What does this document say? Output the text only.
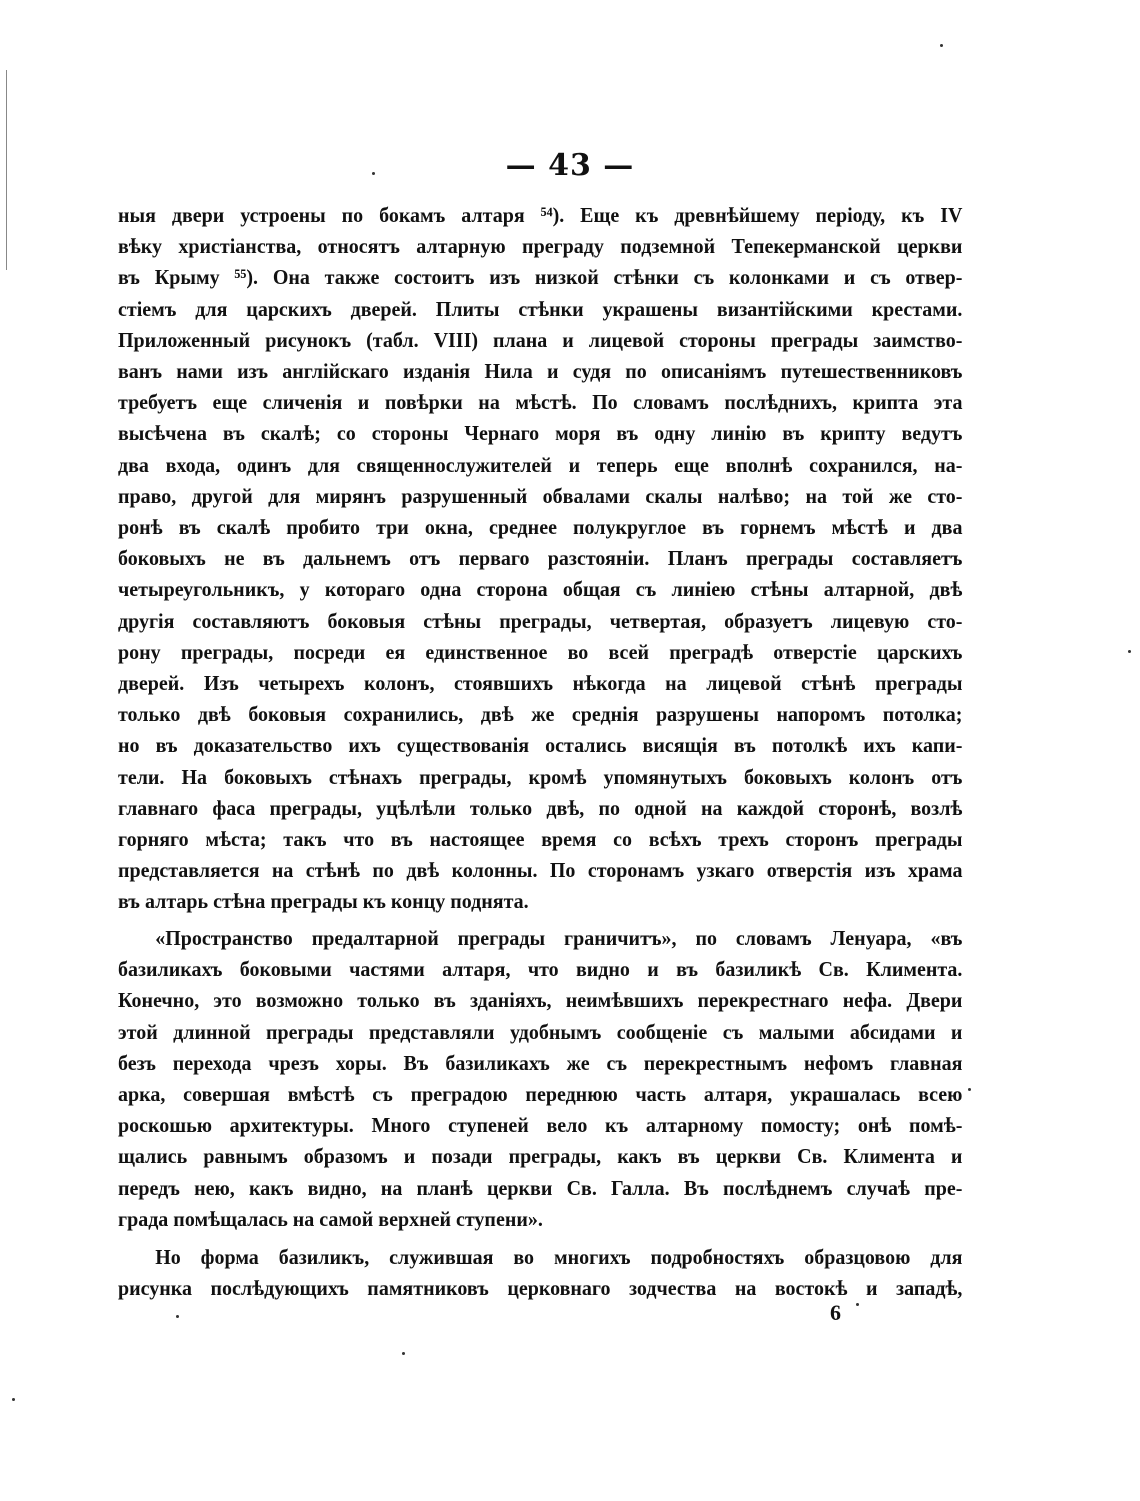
— 43 —
ныя двери устроены по бокамъ алтаря ⁵⁴). Еще къ древнѣйшему періоду, къ IV
вѣку христіанства, относятъ алтарную преграду подземной Тепекерманской церкви
въ Крыму ⁵⁵). Она также состоитъ изъ низкой стѣнки съ колонками и съ отвер-
стіемъ для царскихъ дверей. Плиты стѣнки украшены византійскими крестами.
Приложенный рисунокъ (табл. VIII) плана и лицевой стороны преграды заимство-
ванъ нами изъ англійскаго изданія Нила и судя по описаніямъ путешественниковъ
требуетъ еще сличенія и повѣрки на мѣстѣ. По словамъ послѣднихъ, крипта эта
высѣчена въ скалѣ; со стороны Чернаго моря въ одну линію въ крипту ведутъ
два входа, одинъ для священнослужителей и теперь еще вполнѣ сохранился, на-
право, другой для мирянъ разрушенный обвалами скалы налѣво; на той же сто-
ронѣ въ скалѣ пробито три окна, среднее полукруглое въ горнемъ мѣстѣ и два
боковыхъ не въ дальнемъ отъ перваго разстояніи. Планъ преграды составляетъ
четыреугольникъ, у котораго одна сторона общая съ линіею стѣны алтарной, двѣ
другія составляютъ боковыя стѣны преграды, четвертая, образуетъ лицевую сто-
рону преграды, посреди ея единственное во всей преградѣ отверстіе царскихъ
дверей. Изъ четырехъ колонъ, стоявшихъ нѣкогда на лицевой стѣнѣ преграды
только двѣ боковыя сохранились, двѣ же среднія разрушены напоромъ потолка;
но въ доказательство ихъ существованія остались висящія въ потолкѣ ихъ капи-
тели. На боковыхъ стѣнахъ преграды, кромѣ упомянутыхъ боковыхъ колонъ отъ
главнаго фаса преграды, уцѣлѣли только двѣ, по одной на каждой сторонѣ, возлѣ
горняго мѣста; такъ что въ настоящее время со всѣхъ трехъ сторонъ преграды
представляется на стѣнѣ по двѣ колонны. По сторонамъ узкаго отверстія изъ храма
въ алтарь стѣна преграды къ концу поднята.
«Пространство предалтарной преграды граничитъ», по словамъ Ленуара, «въ
базиликахъ боковыми частями алтаря, что видно и въ базиликѣ Св. Климента.
Конечно, это возможно только въ зданіяхъ, неимѣвшихъ перекрестнаго нефа. Двери
этой длинной преграды представляли удобнымъ сообщеніе съ малыми абсидами и
безъ перехода чрезъ хоры. Въ базиликахъ же съ перекрестнымъ нефомъ главная
арка, совершая вмѣстѣ съ преградою переднюю часть алтаря, украшалась всею
роскошью архитектуры. Много ступеней вело къ алтарному помосту; онѣ помѣ-
щались равнымъ образомъ и позади преграды, какъ въ церкви Св. Климента и
передъ нею, какъ видно, на планѣ церкви Св. Галла. Въ послѣднемъ случаѣ пре-
града помѣщалась на самой верхней ступени».
Но форма базиликъ, служившая во многихъ подробностяхъ образцовою для
рисунка послѣдующихъ памятниковъ церковнаго зодчества на востокѣ и западѣ,
6
